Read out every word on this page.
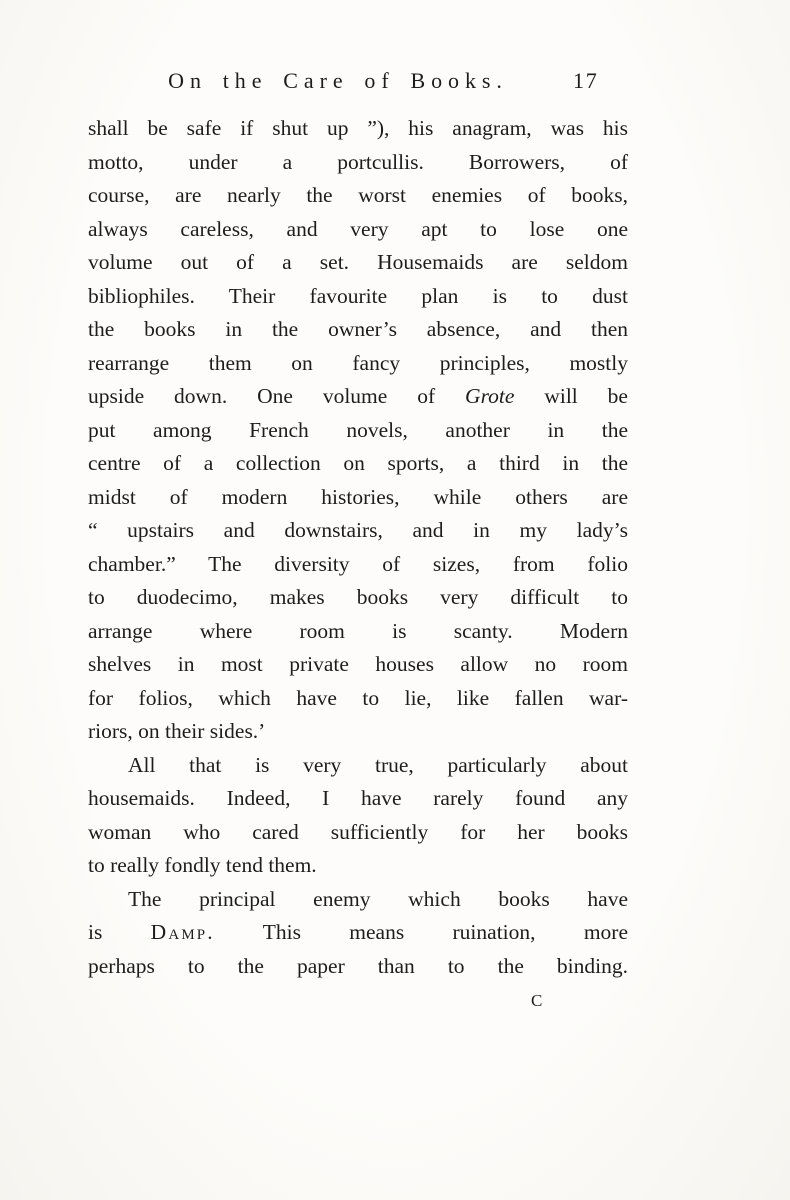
On the Care of Books.	17
shall be safe if shut up ”), his anagram, was his
motto, under a portcullis. Borrowers, of
course, are nearly the worst enemies of books,
always careless, and very apt to lose one
volume out of a set. Housemaids are seldom
bibliophiles. Their favourite plan is to dust
the books in the owner’s absence, and then
rearrange them on fancy principles, mostly
upside down. One volume of Grote will be
put among French novels, another in the
centre of a collection on sports, a third in the
midst of modern histories, while others are
“ upstairs and downstairs, and in my lady’s
chamber.” The diversity of sizes, from folio
to duodecimo, makes books very difficult to
arrange where room is scanty. Modern
shelves in most private houses allow no room
for folios, which have to lie, like fallen war-
riors, on their sides.’
All that is very true, particularly about
housemaids. Indeed, I have rarely found any
woman who cared sufficiently for her books
to really fondly tend them.
The principal enemy which books have
is Damp. This means ruination, more
perhaps to the paper than to the binding.
C
